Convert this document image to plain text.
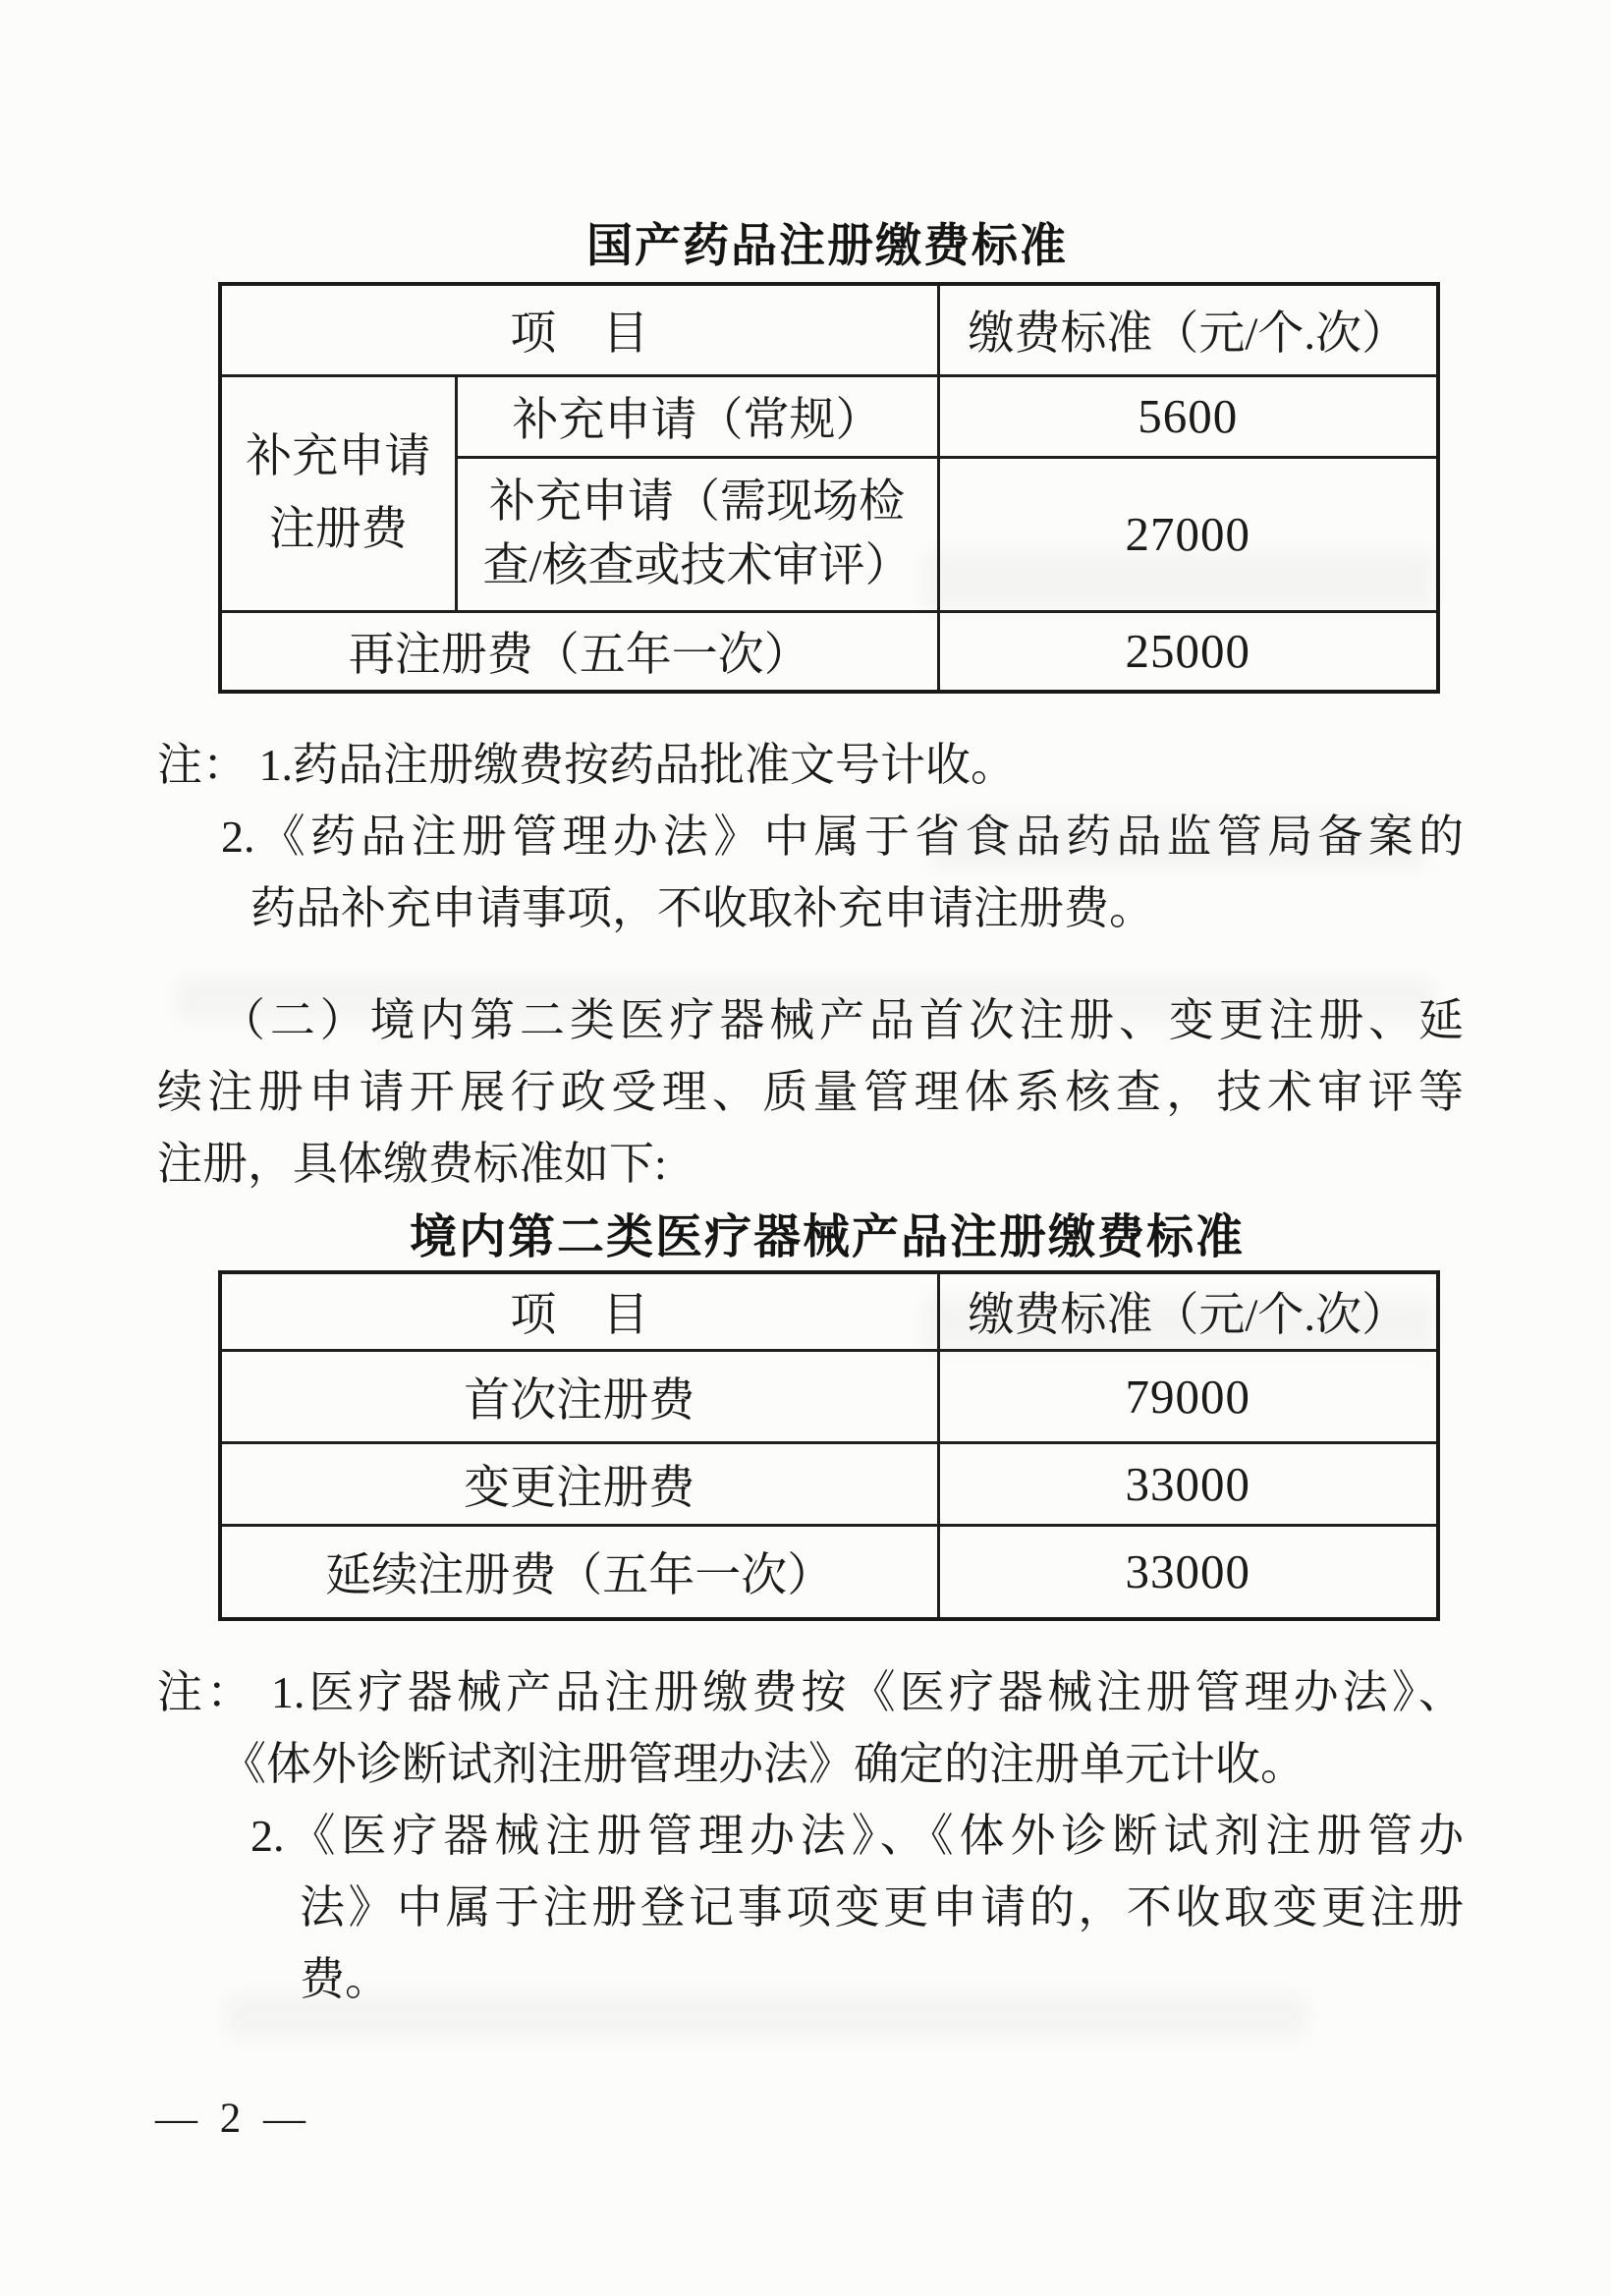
国产药品注册缴费标准
项　目		缴费标准（元/个.次）

补充申请
注册费	补充申请（常规）	5600

	补充申请（需现场检
查/核查或技术审评）	27000
再注册费（五年一次）		25000
注： 1.药品注册缴费按药品批准文号计收。
2.《药品注册管理办法》中属于省食品药品监管局备案的
药品补充申请事项，不收取补充申请注册费。
（二）境内第二类医疗器械产品首次注册、变更注册、延
续注册申请开展行政受理、质量管理体系核查，技术审评等
注册，具体缴费标准如下:
境内第二类医疗器械产品注册缴费标准
项　目	缴费标准（元/个.次）
首次注册费	79000
变更注册费	33000
延续注册费（五年一次）	33000
注： 1.医疗器械产品注册缴费按《医疗器械注册管理办法》、
《体外诊断试剂注册管理办法》确定的注册单元计收。
2.《医疗器械注册管理办法》、《体外诊断试剂注册管办
法》中属于注册登记事项变更申请的，不收取变更注册
费。
— 2 —
